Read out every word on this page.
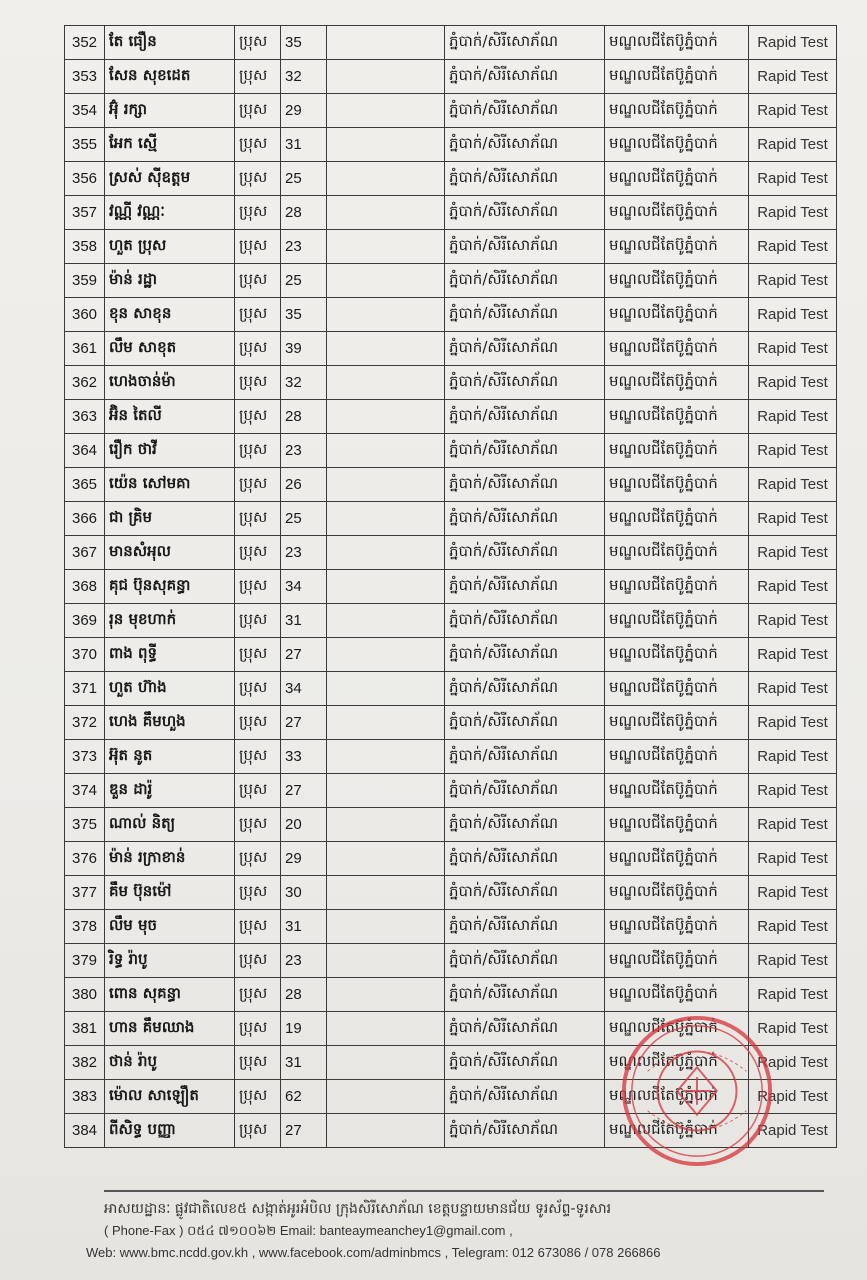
352	តែ ធឿន	ប្រុស	35		ភ្នំបាក់/សិរីសោភ័ណ	មណ្ឌលជីតែប៊ូភ្នំបាក់	Rapid Test
353	សែន សុខដេត	ប្រុស	32		ភ្នំបាក់/សិរីសោភ័ណ	មណ្ឌលជីតែប៊ូភ្នំបាក់	Rapid Test
354	អ៊ុំ រក្សា	ប្រុស	29		ភ្នំបាក់/សិរីសោភ័ណ	មណ្ឌលជីតែប៊ូភ្នំបាក់	Rapid Test
355	អែក ស្មើ	ប្រុស	31		ភ្នំបាក់/សិរីសោភ័ណ	មណ្ឌលជីតែប៊ូភ្នំបាក់	Rapid Test
356	ស្រស់ ស៊ីឧត្តម	ប្រុស	25		ភ្នំបាក់/សិរីសោភ័ណ	មណ្ឌលជីតែប៊ូភ្នំបាក់	Rapid Test
357	វណ្ណី វណ្ណៈ	ប្រុស	28		ភ្នំបាក់/សិរីសោភ័ណ	មណ្ឌលជីតែប៊ូភ្នំបាក់	Rapid Test
358	ហួត ប្រុស	ប្រុស	23		ភ្នំបាក់/សិរីសោភ័ណ	មណ្ឌលជីតែប៊ូភ្នំបាក់	Rapid Test
359	ម៉ាន់ រដ្ឋា	ប្រុស	25		ភ្នំបាក់/សិរីសោភ័ណ	មណ្ឌលជីតែប៊ូភ្នំបាក់	Rapid Test
360	ខុន សាខុន	ប្រុស	35		ភ្នំបាក់/សិរីសោភ័ណ	មណ្ឌលជីតែប៊ូភ្នំបាក់	Rapid Test
361	លឹម សាខុត	ប្រុស	39		ភ្នំបាក់/សិរីសោភ័ណ	មណ្ឌលជីតែប៊ូភ្នំបាក់	Rapid Test
362	ហេងចាន់ម៉ា	ប្រុស	32		ភ្នំបាក់/សិរីសោភ័ណ	មណ្ឌលជីតែប៊ូភ្នំបាក់	Rapid Test
363	អ៊ិន តៃលី	ប្រុស	28		ភ្នំបាក់/សិរីសោភ័ណ	មណ្ឌលជីតែប៊ូភ្នំបាក់	Rapid Test
364	រឿក ថាវី	ប្រុស	23		ភ្នំបាក់/សិរីសោភ័ណ	មណ្ឌលជីតែប៊ូភ្នំបាក់	Rapid Test
365	យ៉េន សៅមគា	ប្រុស	26		ភ្នំបាក់/សិរីសោភ័ណ	មណ្ឌលជីតែប៊ូភ្នំបាក់	Rapid Test
366	ជា គ្រិម	ប្រុស	25		ភ្នំបាក់/សិរីសោភ័ណ	មណ្ឌលជីតែប៊ូភ្នំបាក់	Rapid Test
367	មានសំអុល	ប្រុស	23		ភ្នំបាក់/សិរីសោភ័ណ	មណ្ឌលជីតែប៊ូភ្នំបាក់	Rapid Test
368	គុជ ប៊ុនសុគន្ធា	ប្រុស	34		ភ្នំបាក់/សិរីសោភ័ណ	មណ្ឌលជីតែប៊ូភ្នំបាក់	Rapid Test
369	រុន មុខហាក់	ប្រុស	31		ភ្នំបាក់/សិរីសោភ័ណ	មណ្ឌលជីតែប៊ូភ្នំបាក់	Rapid Test
370	ពាង ពុទ្ធី	ប្រុស	27		ភ្នំបាក់/សិរីសោភ័ណ	មណ្ឌលជីតែប៊ូភ្នំបាក់	Rapid Test
371	ហួត ហ៊ាង	ប្រុស	34		ភ្នំបាក់/សិរីសោភ័ណ	មណ្ឌលជីតែប៊ូភ្នំបាក់	Rapid Test
372	ហេង គឹមហួង	ប្រុស	27		ភ្នំបាក់/សិរីសោភ័ណ	មណ្ឌលជីតែប៊ូភ្នំបាក់	Rapid Test
373	អ៊ុត នូត	ប្រុស	33		ភ្នំបាក់/សិរីសោភ័ណ	មណ្ឌលជីតែប៊ូភ្នំបាក់	Rapid Test
374	ឌួន ដារ៉ូ	ប្រុស	27		ភ្នំបាក់/សិរីសោភ័ណ	មណ្ឌលជីតែប៊ូភ្នំបាក់	Rapid Test
375	ណាល់ និត្យ	ប្រុស	20		ភ្នំបាក់/សិរីសោភ័ណ	មណ្ឌលជីតែប៊ូភ្នំបាក់	Rapid Test
376	ម៉ាន់ រក្រាខាន់	ប្រុស	29		ភ្នំបាក់/សិរីសោភ័ណ	មណ្ឌលជីតែប៊ូភ្នំបាក់	Rapid Test
377	គឹម ប៊ុនម៉ៅ	ប្រុស	30		ភ្នំបាក់/សិរីសោភ័ណ	មណ្ឌលជីតែប៊ូភ្នំបាក់	Rapid Test
378	លឹម មុច	ប្រុស	31		ភ្នំបាក់/សិរីសោភ័ណ	មណ្ឌលជីតែប៊ូភ្នំបាក់	Rapid Test
379	រិទ្ធ រ៉ាបូ	ប្រុស	23		ភ្នំបាក់/សិរីសោភ័ណ	មណ្ឌលជីតែប៊ូភ្នំបាក់	Rapid Test
380	ពោន សុគន្ធា	ប្រុស	28		ភ្នំបាក់/សិរីសោភ័ណ	មណ្ឌលជីតែប៊ូភ្នំបាក់	Rapid Test
381	ហាន គឹមឈាង	ប្រុស	19		ភ្នំបាក់/សិរីសោភ័ណ	មណ្ឌលជីតែប៊ូភ្នំបាក់	Rapid Test
382	ថាន់ រ៉ាបូ	ប្រុស	31		ភ្នំបាក់/សិរីសោភ័ណ	មណ្ឌលជីតែប៊ូភ្នំបាក់	Rapid Test
383	ម៉ោល សាឡឿត	ប្រុស	62		ភ្នំបាក់/សិរីសោភ័ណ	មណ្ឌលជីតែប៊ូភ្នំបាក់	Rapid Test
384	ពីសិទ្ធ បញ្ញា	ប្រុស	27		ភ្នំបាក់/សិរីសោភ័ណ	មណ្ឌលជីតែប៊ូភ្នំបាក់	Rapid Test
អាសយដ្ឋានៈ ផ្លូវជាតិលេខ៥ សង្កាត់អូរអំបិល ក្រុងសិរីសោភ័ណ ខេត្តបន្ទាយមានជ័យ ទូរស័ព្ទ-ទូរសារ
( Phone-Fax ) ០៥៤ ៧១០០៦២ Email: banteaymeanchey1@gmail.com ,
Web: www.bmc.ncdd.gov.kh , www.facebook.com/adminbmcs , Telegram: 012 673086 / 078 266866
